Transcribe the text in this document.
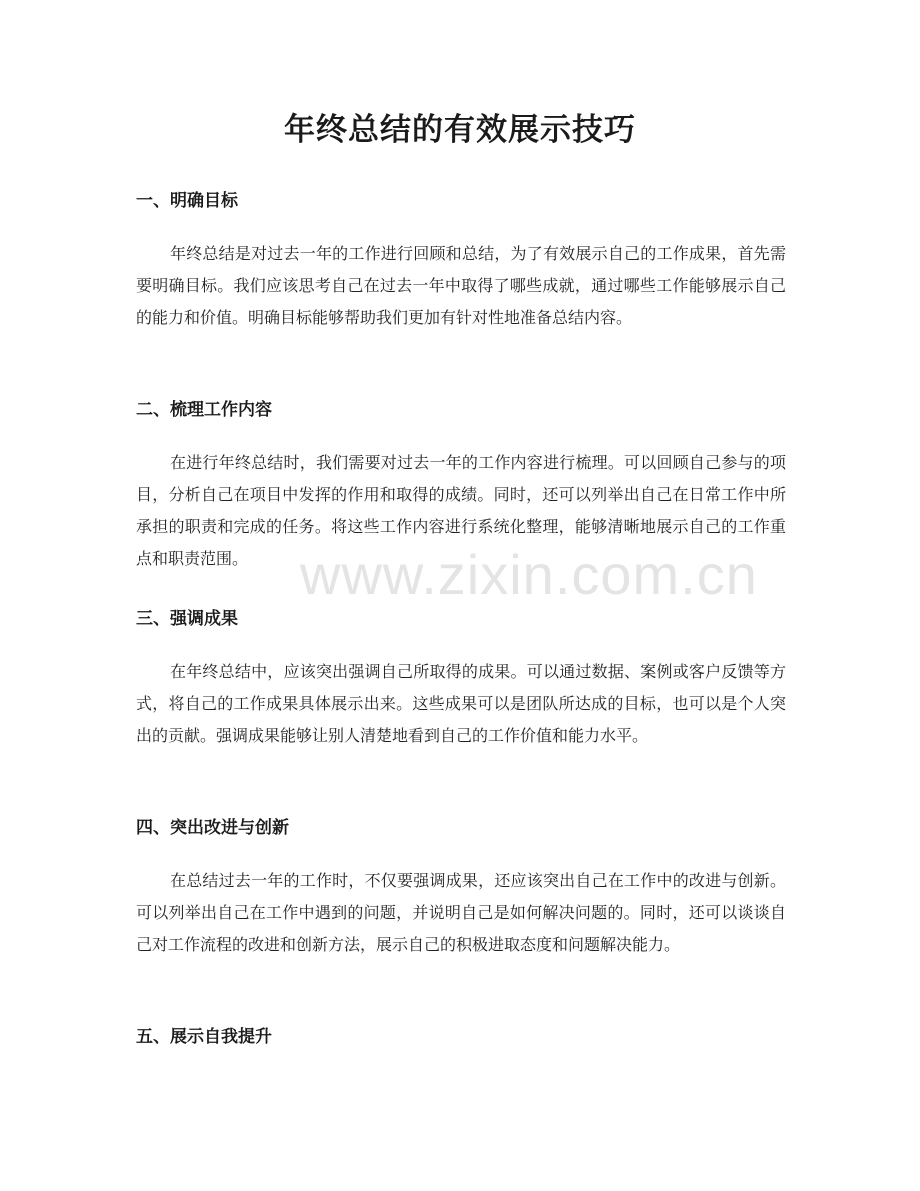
年终总结的有效展示技巧
一、明确目标

年终总结是对过去一年的工作进行回顾和总结，为了有效展示自己的工作成果，首先需要明确目标。我们应该思考自己在过去一年中取得了哪些成就，通过哪些工作能够展示自己的能力和价值。明确目标能够帮助我们更加有针对性地准备总结内容。

二、梳理工作内容

在进行年终总结时，我们需要对过去一年的工作内容进行梳理。可以回顾自己参与的项目，分析自己在项目中发挥的作用和取得的成绩。同时，还可以列举出自己在日常工作中所承担的职责和完成的任务。将这些工作内容进行系统化整理，能够清晰地展示自己的工作重点和职责范围。

三、强调成果

在年终总结中，应该突出强调自己所取得的成果。可以通过数据、案例或客户反馈等方式，将自己的工作成果具体展示出来。这些成果可以是团队所达成的目标，也可以是个人突出的贡献。强调成果能够让别人清楚地看到自己的工作价值和能力水平。

四、突出改进与创新

在总结过去一年的工作时，不仅要强调成果，还应该突出自己在工作中的改进与创新。可以列举出自己在工作中遇到的问题，并说明自己是如何解决问题的。同时，还可以谈谈自己对工作流程的改进和创新方法，展示自己的积极进取态度和问题解决能力。

五、展示自我提升
www.zixin.com.cn
